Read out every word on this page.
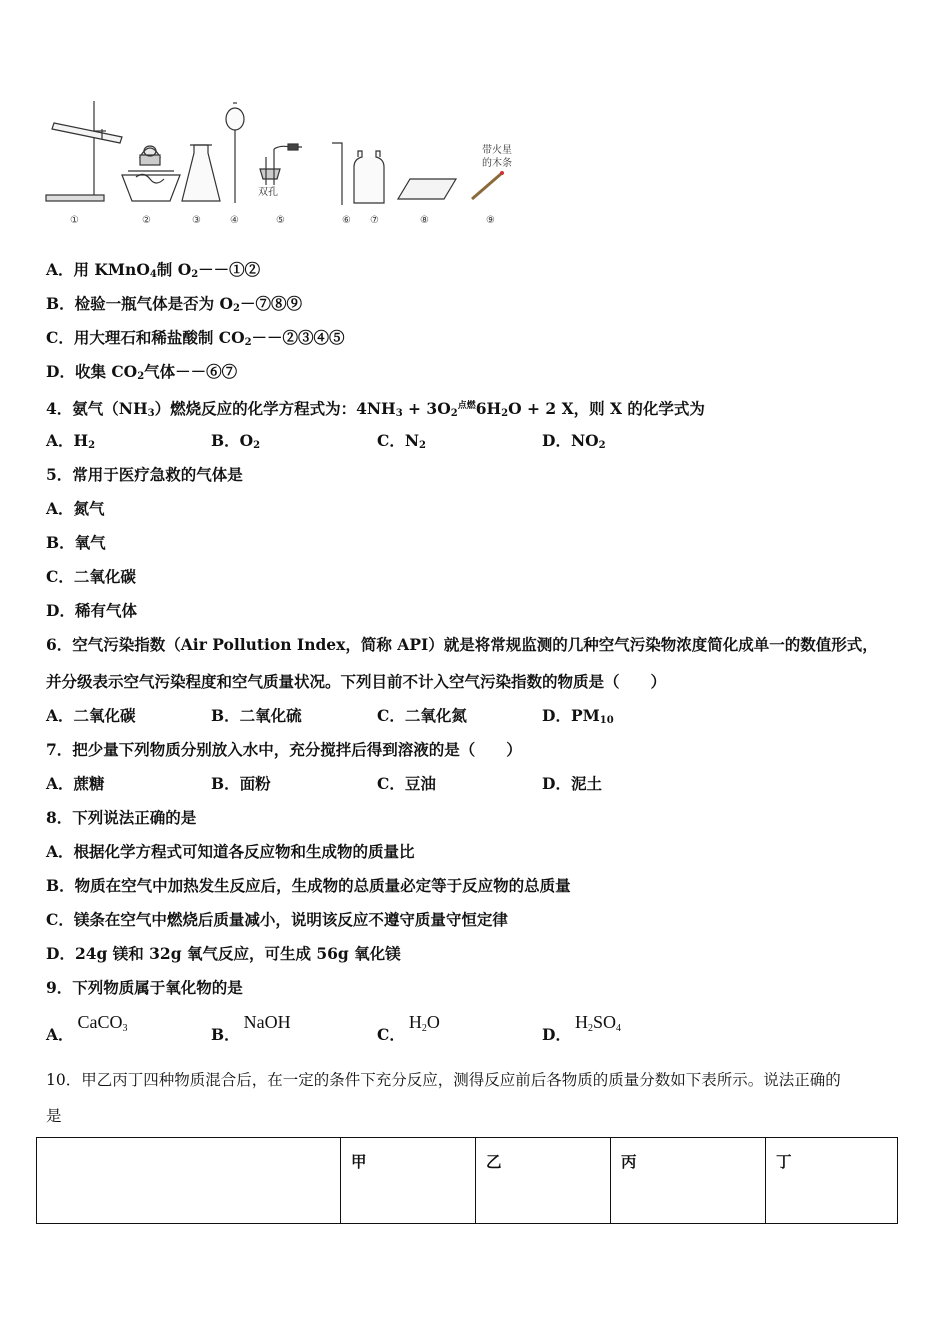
带火星
的木条
双孔
①	②	③	④	⑤	⑥ ⑦	⑧	⑨
A．用 KMnO$_4$制 $O_2--①②$
B．检验一瓶气体是否为 $O_2-⑦⑧⑨$
C．用大理石和稀盐酸制 $CO_2--②③④⑤$
D．收集 $CO_2$气体－－⑥⑦
4．氨气$(NH_3)$燃烧反应的化学方程式为：$4NH_3 + 3O_2^{点燃}6H_2O + 2$ X，则 X 的化学式为
A．$H_2$	B．$O_2$	C．$N_2$	D．$NO_2$
5．常用于医疗急救的气体是
A．氮气
B．氧气
C．二氧化碳
D．稀有气体
6．空气污染指数（Air Pollution Index，简称 API）就是将常规监测的几种空气污染物浓度简化成单一的数值形式，
并分级表示空气污染程度和空气质量状况。下列目前不计入空气污染指数的物质是（　　）
A．二氧化碳	B．二氧化硫	C．二氧化氮	D．$PM_{10}$
7．把少量下列物质分别放入水中，充分搅拌后得到溶液的是（　　）
A．蔗糖	B．面粉	C．豆油	D．泥土
8．下列说法正确的是
A．根据化学方程式可知道各反应物和生成物的质量比
B．物质在空气中加热发生反应后，生成物的总质量必定等于反应物的总质量
C．镁条在空气中燃烧后质量减小，说明该反应不遵守质量守恒定律
D．24g 镁和 32g 氧气反应，可生成 56g 氧化镁
9．下列物质属于氧化物的是
A．CaCO$_3$	B．NaOH
C．$H_2O$
D．$H_2SO_4$
10．甲乙丙丁四种物质混合后，在一定的条件下充分反应，测得反应前后各物质的质量分数如下表所示。说法正确的
是
	甲	乙	丙	丁
